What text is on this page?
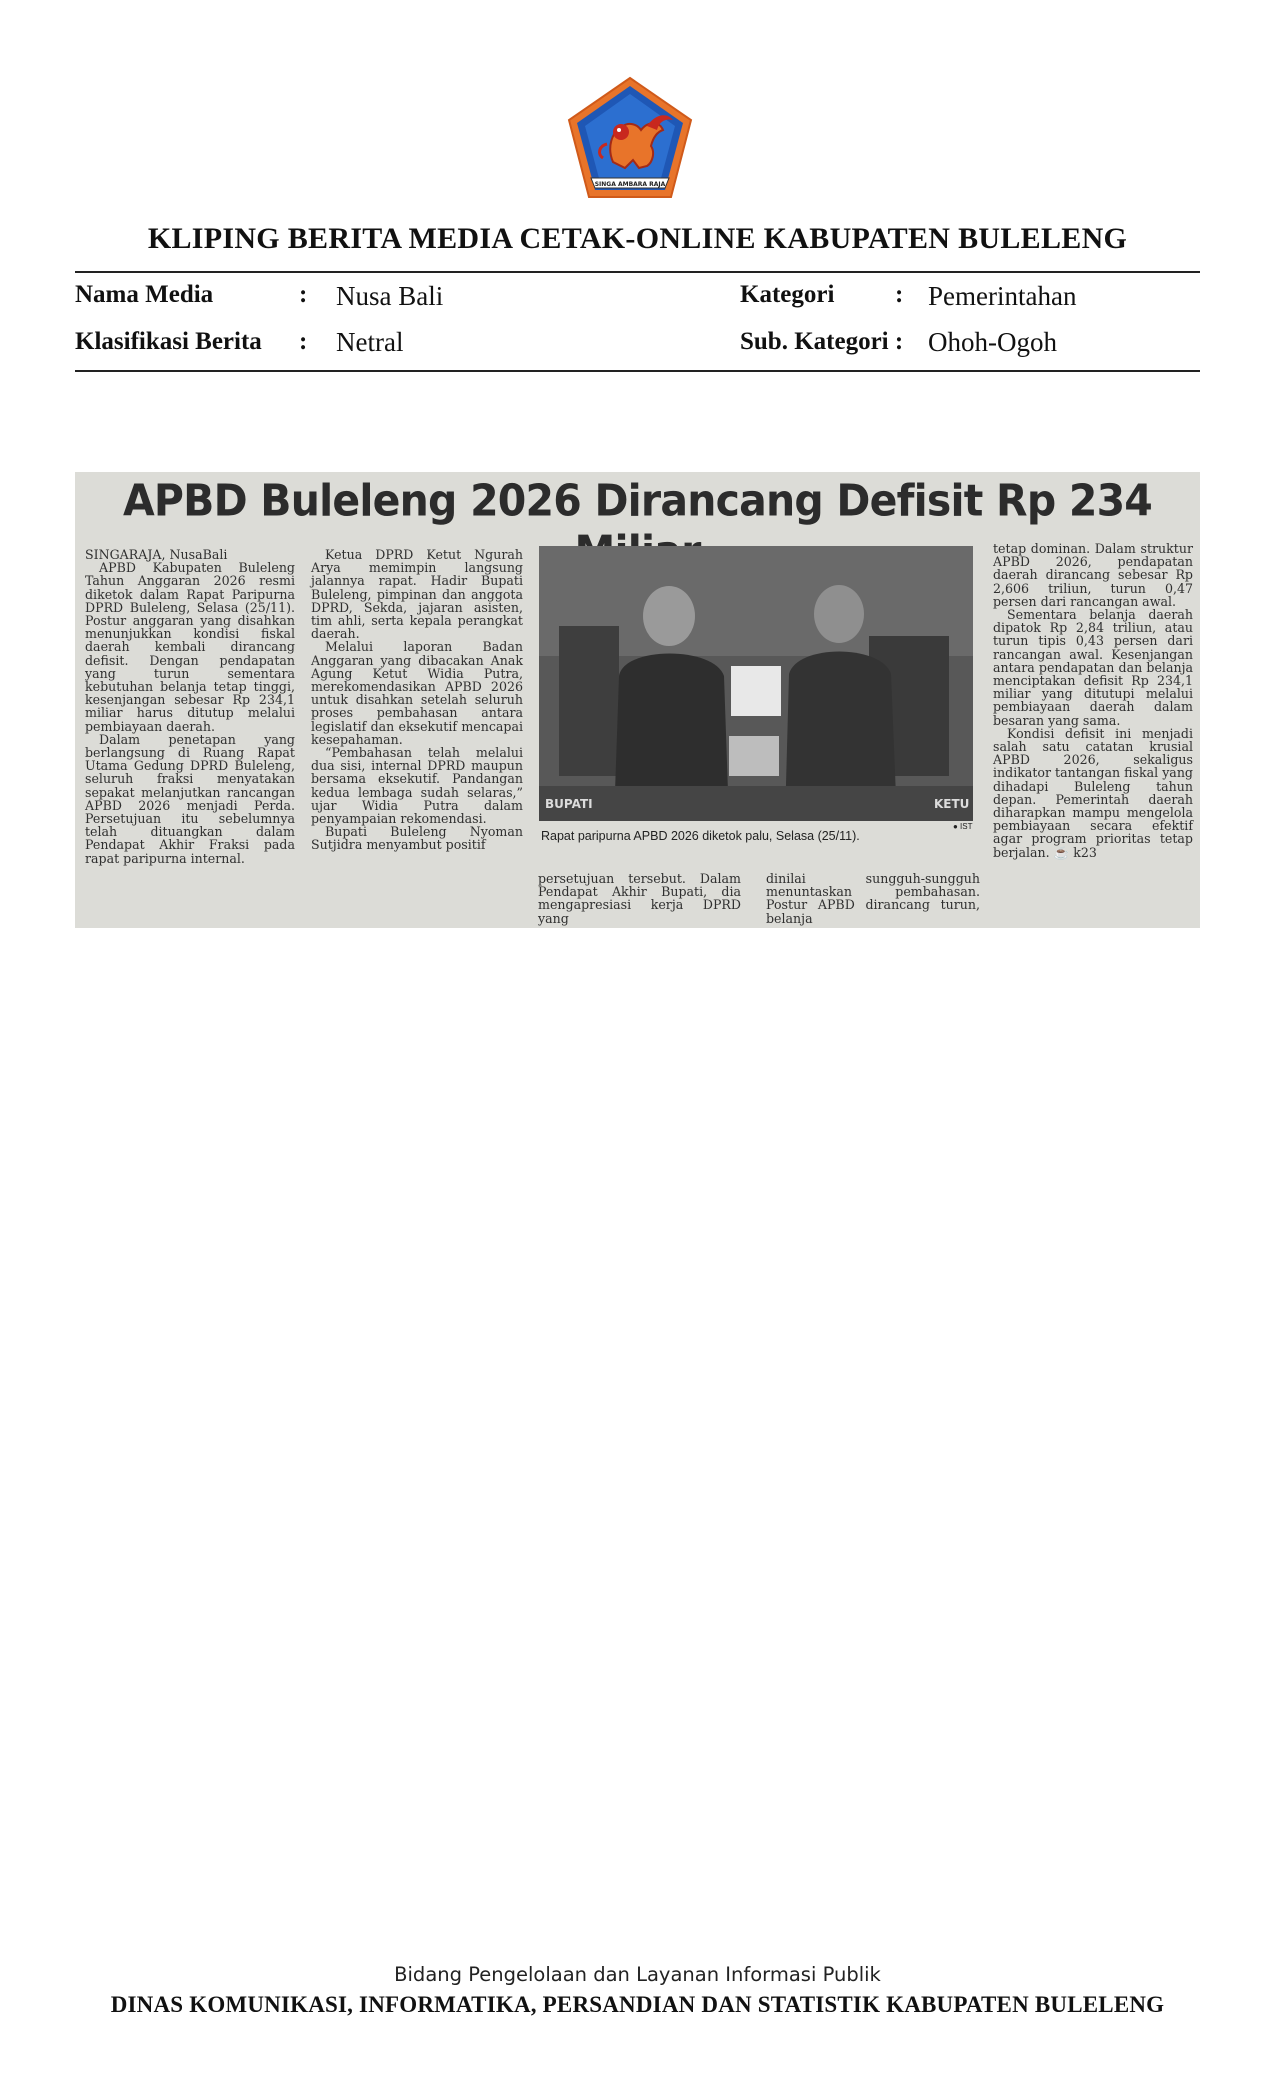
SINGA AMBARA RAJA
KLIPING BERITA MEDIA CETAK-ONLINE KABUPATEN BULELENG
Nama Media	: Nusa Bali
Klasifikasi Berita : Netral
Kategori : Pemerintahan
Sub. Kategori : Ohoh-Ogoh
APBD Buleleng 2026 Dirancang Defisit Rp 234

SINGARAJA, NusaBali

APBD Kabupaten Buleleng Tahun Anggaran 2026 resmi diketok dalam Rapat Paripurna DPRD Buleleng, Selasa (25/11). Postur anggaran yang disahkan menunjukkan kondisi fiskal daerah kembali dirancang defisit. Dengan pendapatan yang turun sementara kebutuhan belanja tetap tinggi, kesenjangan sebesar Rp 234,1 miliar harus ditutup melalui pembiayaan daerah.

Dalam penetapan yang berlangsung di Ruang Rapat Utama Gedung DPRD Buleleng, seluruh fraksi menyatakan sepakat melanjutkan rancangan APBD 2026 menjadi Perda. Persetujuan itu sebelumnya telah dituangkan dalam Pendapat Akhir Fraksi pada rapat paripurna internal.

Ketua DPRD Ketut Ngurah Arya memimpin langsung jalannya rapat. Hadir Bupati Buleleng, pimpinan dan anggota DPRD, Sekda, jajaran asisten, tim ahli, serta kepala perangkat daerah.

Melalui laporan Badan Anggaran yang dibacakan Anak Agung Ketut Widia Putra, merekomendasikan APBD 2026 untuk disahkan setelah seluruh proses pembahasan antara legislatif dan eksekutif mencapai kesepahaman.

“Pembahasan telah melalui dua sisi, internal DPRD maupun bersama eksekutif. Pandangan kedua lembaga sudah selaras,” ujar Widia Putra dalam penyampaian rekomendasi.

Bupati Buleleng Nyoman Sutjidra menyambut positif

BUPATI	KETU
● IST
Rapat paripurna APBD 2026 diketok palu, Selasa (25/11).

persetujuan tersebut. Dalam Pendapat Akhir Bupati, dia mengapresiasi kerja DPRD yang

dinilai sungguh-sungguh menuntaskan pembahasan. Postur APBD dirancang turun, belanja

tetap dominan. Dalam struktur APBD 2026, pendapatan daerah dirancang sebesar Rp 2,606 triliun, turun 0,47 persen dari rancangan awal.

Sementara belanja daerah dipatok Rp 2,84 triliun, atau turun tipis 0,43 persen dari rancangan awal. Kesenjangan antara pendapatan dan belanja menciptakan defisit Rp 234,1 miliar yang ditutupi melalui pembiayaan daerah dalam besaran yang sama.

Kondisi defisit ini menjadi salah satu catatan krusial APBD 2026, sekaligus indikator tantangan fiskal yang dihadapi Buleleng tahun depan. Pemerintah daerah diharapkan mampu mengelola pembiayaan secara efektif agar program prioritas tetap berjalan. ☕ k23

Bidang Pengelolaan dan Layanan Informasi Publik
DINAS KOMUNIKASI, INFORMATIKA, PERSANDIAN DAN STATISTIK KABUPATEN BULELENG
